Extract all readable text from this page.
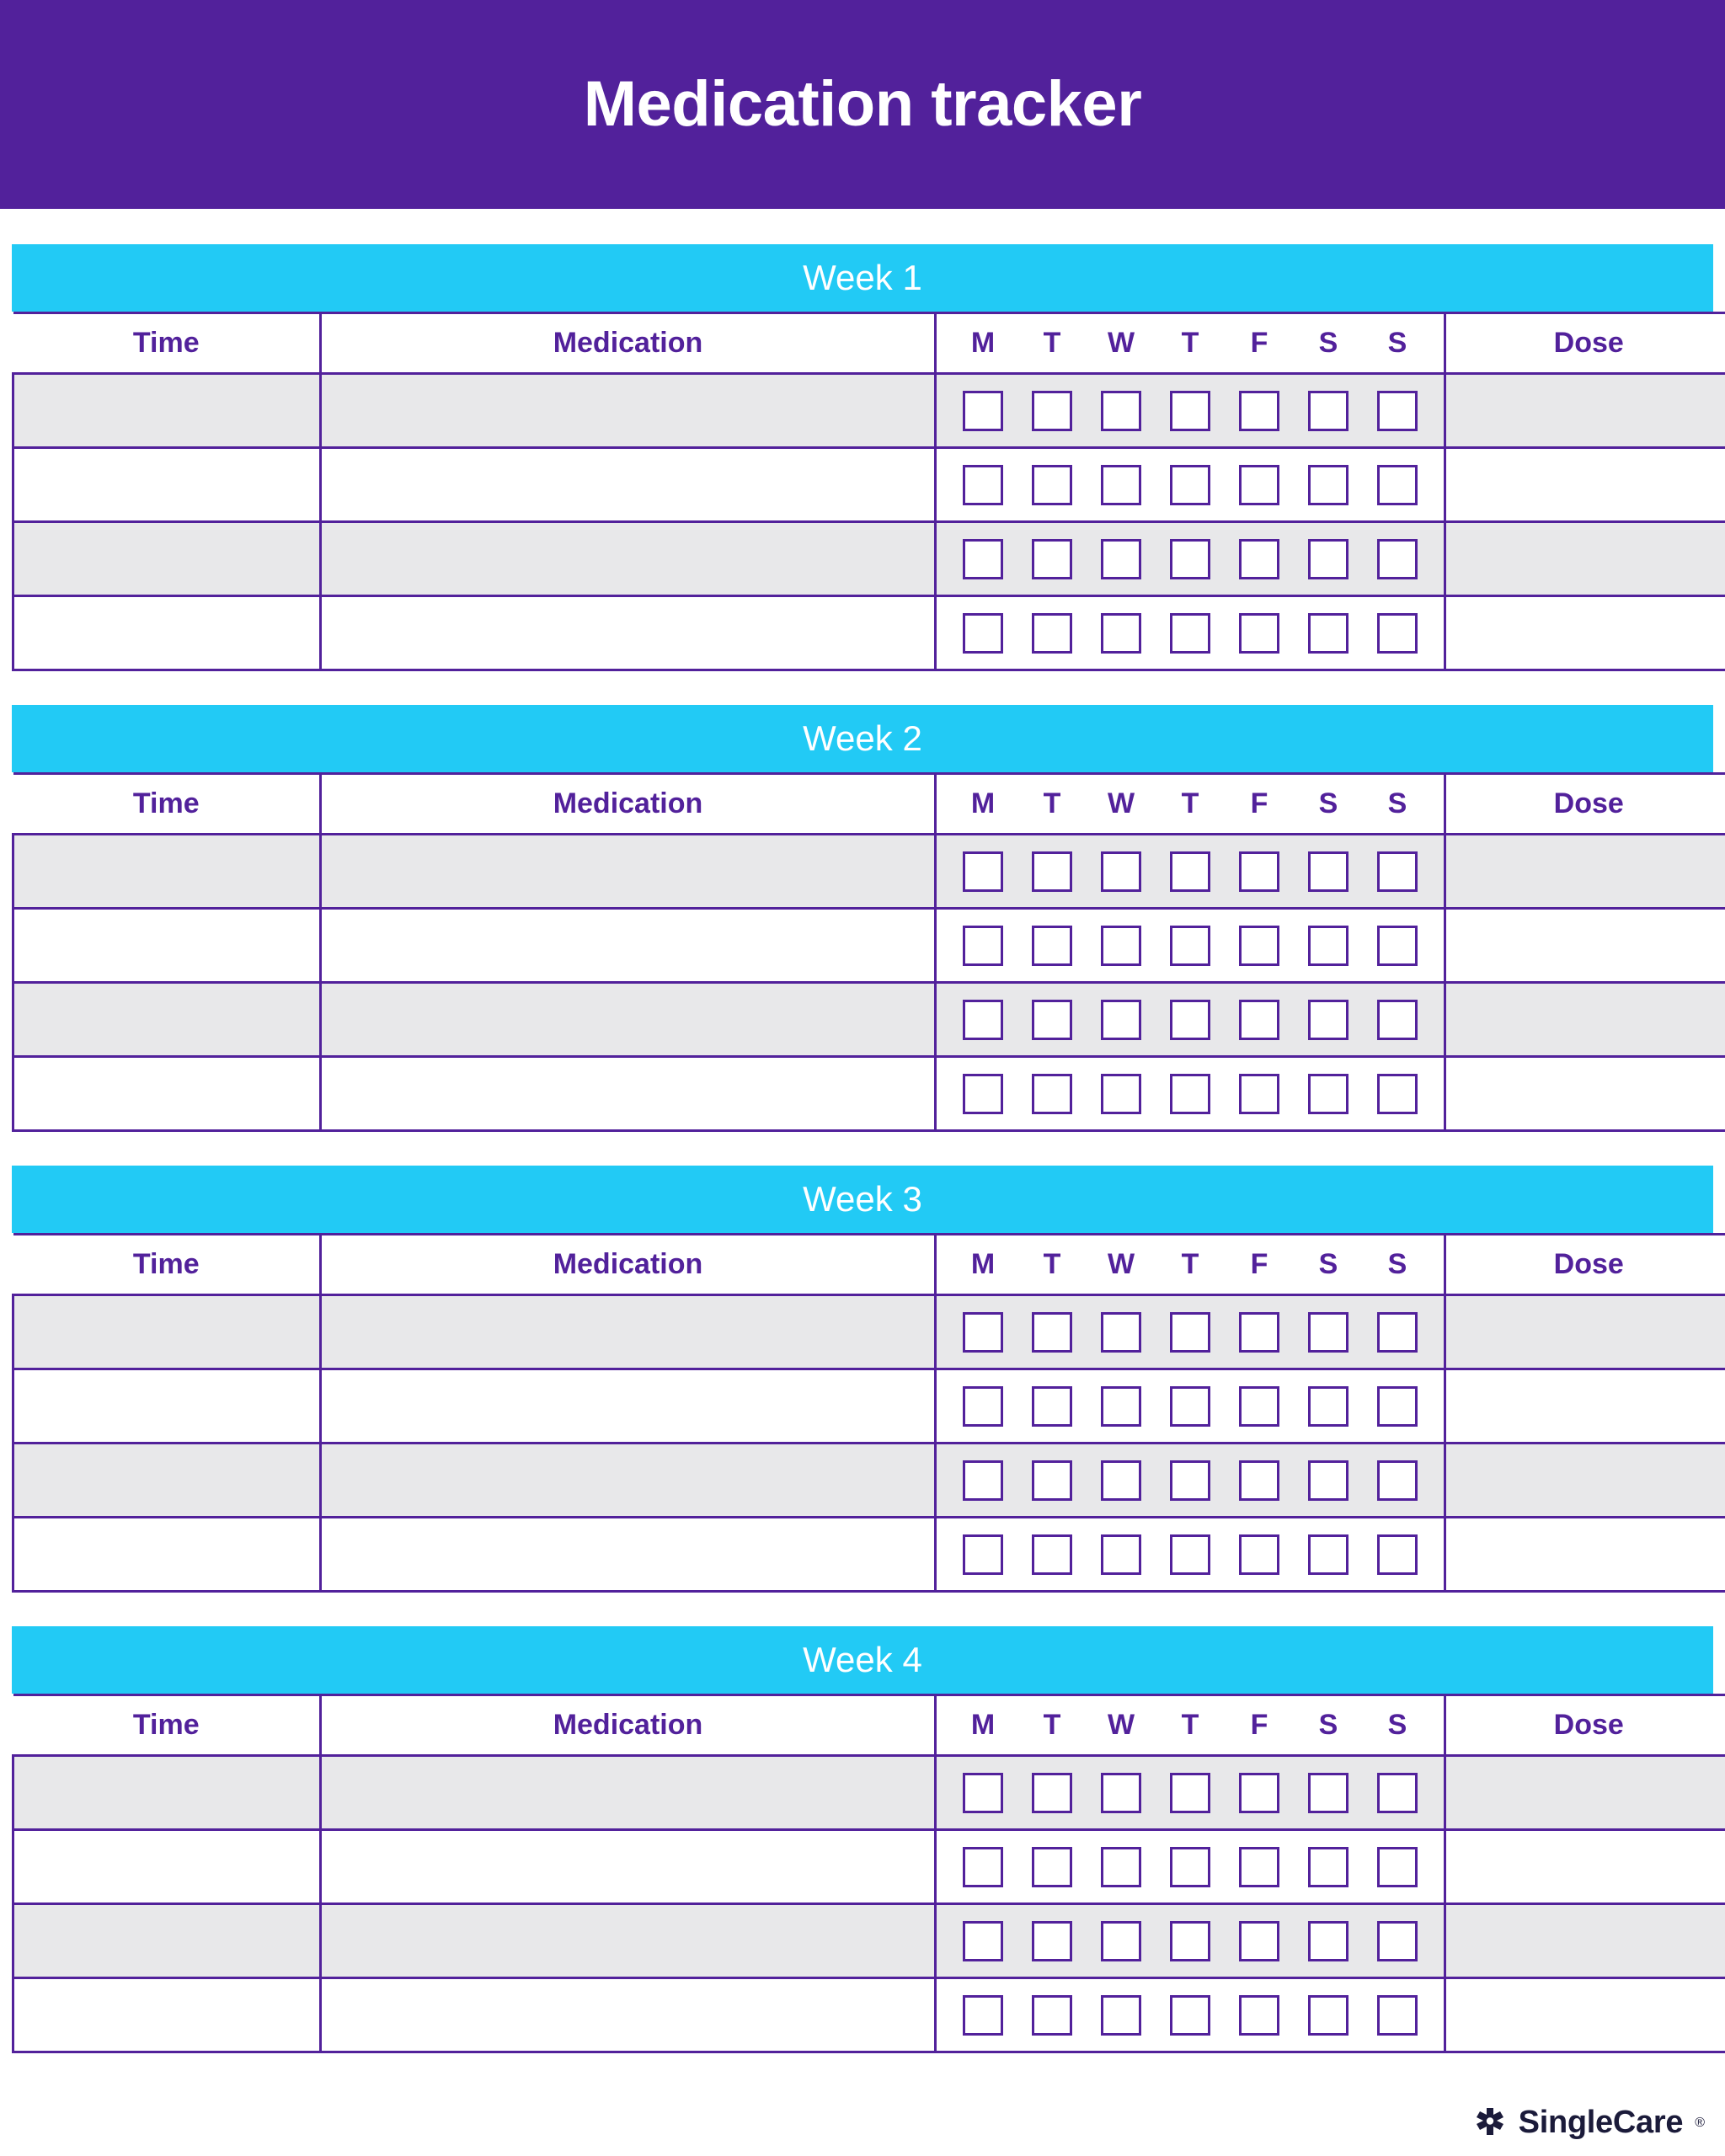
Medication tracker
Week 1
Time	Medication	M	T	W	T	F	S	S	Dose

Week 2
Time	Medication	M	T	W	T	F	S	S	Dose

Week 3
Time	Medication	M	T	W	T	F	S	S	Dose

Week 4
Time	Medication	M	T	W	T	F	S	S	Dose

SingleCare ®
